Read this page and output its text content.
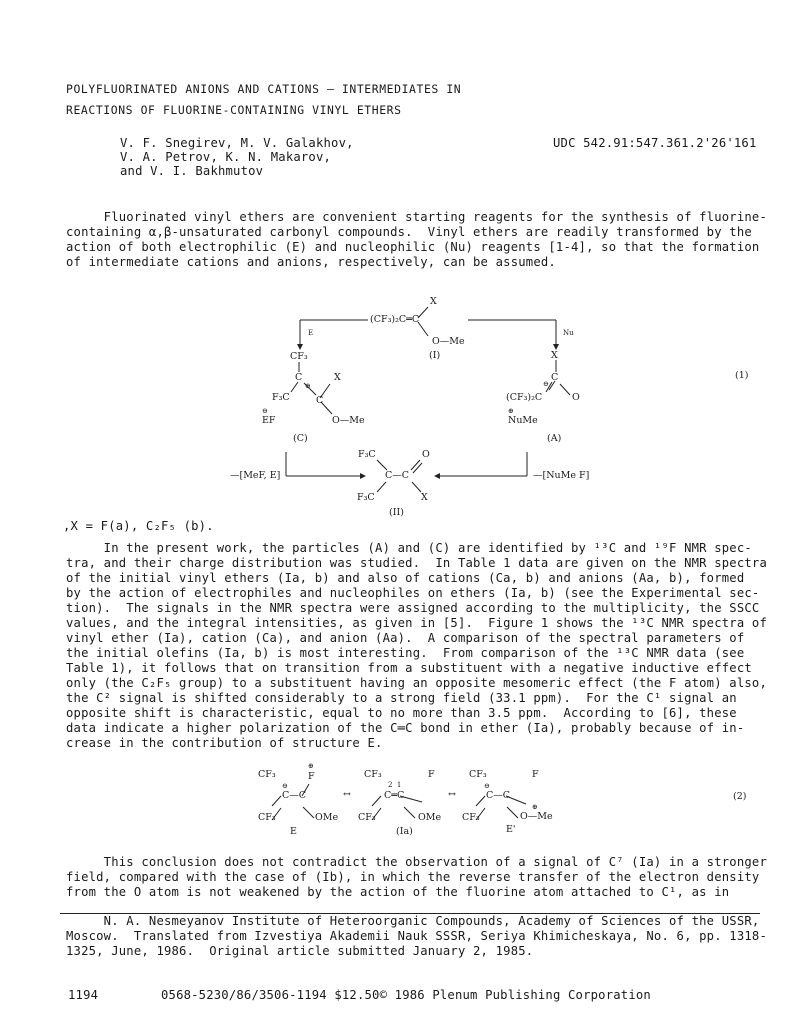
POLYFLUORINATED ANIONS AND CATIONS – INTERMEDIATES IN
REACTIONS OF FLUORINE-CONTAINING VINYL ETHERS
V. F. Snegirev, M. V. Galakhov,
V. A. Petrov, K. N. Makarov,
and V. I. Bakhmutov
UDC 542.91:547.361.2'26'161
Fluorinated vinyl ethers are convenient starting reagents for the synthesis of fluorine-
containing α,β-unsaturated carbonyl compounds.  Vinyl ethers are readily transformed by the
action of both electrophilic (E) and nucleophilic (Nu) reagents [1-4], so that the formation
of intermediate cations and anions, respectively, can be assumed.
X
(CF₃)₂C═C
O—Me
(I)
E	Nu
CF₃
C	X
⊕
F₃C	C
⊖
EF	O—Me
(C)
X
C
⊖
(CF₃)₂C	O
⊕
NuMe
(A)
—[MeF, E]	—[NuMe F]
F₃C	O
C—C
F₃C	X
(II)
(1)
,X = F(a), C₂F₅ (b).
In the present work, the particles (A) and (C) are identified by ¹³C and ¹⁹F NMR spec-
tra, and their charge distribution was studied.  In Table 1 data are given on the NMR spectra
of the initial vinyl ethers (Ia, b) and also of cations (Ca, b) and anions (Aa, b), formed
by the action of electrophiles and nucleophiles on ethers (Ia, b) (see the Experimental sec-
tion).  The signals in the NMR spectra were assigned according to the multiplicity, the SSCC
values, and the integral intensities, as given in [5].  Figure 1 shows the ¹³C NMR spectra of
vinyl ether (Ia), cation (Ca), and anion (Aa).  A comparison of the spectral parameters of
the initial olefins (Ia, b) is most interesting.  From comparison of the ¹³C NMR data (see
Table 1), it follows that on transition from a substituent with a negative inductive effect
only (the C₂F₅ group) to a substituent having an opposite mesomeric effect (the F atom) also,
the C² signal is shifted considerably to a strong field (33.1 ppm).  For the C¹ signal an
opposite shift is characteristic, equal to no more than 3.5 ppm.  According to [6], these
data indicate a higher polarization of the C═C bond in ether (Ia), probably because of in-
crease in the contribution of structure E.
CF₃
⊕
F
⊖
C—C
CF₃	OMe
E
↔
CF₃	F
2  1
C═C
CF₃	OMe
(Ia)
↔
CF₃	F
⊖
C—C
CF₃
⊕
O—Me
E'
(2)
This conclusion does not contradict the observation of a signal of C⁷ (Ia) in a stronger
field, compared with the case of (Ib), in which the reverse transfer of the electron density
from the O atom is not weakened by the action of the fluorine atom attached to C¹, as in
N. A. Nesmeyanov Institute of Heteroorganic Compounds, Academy of Sciences of the USSR,
Moscow.  Translated from Izvestiya Akademii Nauk SSSR, Seriya Khimicheskaya, No. 6, pp. 1318-
1325, June, 1986.  Original article submitted January 2, 1985.
1194	0568-5230/86/3506-1194 $12.50© 1986 Plenum Publishing Corporation
